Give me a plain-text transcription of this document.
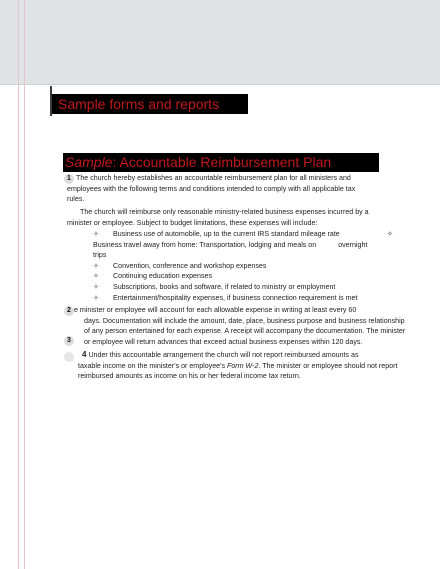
Sample forms and reports
Sample: Accountable Reimbursement Plan
1 The church hereby establishes an accountable reimbursement plan for all ministers and
employees with the following terms and conditions intended to comply with all applicable tax
rules.
The church will reimburse only reasonable ministry-related business expenses incurred by a
minister or employee. Subject to budget limitations, these expenses will include:
✧ Business use of automobile, up to the current IRS standard mileage rate	✧
Business travel away from home: Transportation, lodging and meals on	overnight
trips
✧ Convention, conference and workshop expenses
✧ Continuing education expenses
✧ Subscriptions, books and software, if related to ministry or employment
✧ Entertainment/hospitality expenses, if business connection requirement is met
2 e minister or employee will account for each allowable expense in writing at least every 60
days. Documentation will include the amount, date, place, business purpose and business relationship
of any person entertained for each expense. A receipt will accompany the documentation. The minister
or employee will return advances that exceed actual business expenses within 120 days.
3
4 Under this accountable arrangement the church will not report reimbursed amounts as
taxable income on the minister's or employee's Form W-2. The minister or employee should not report
reimbursed amounts as income on his or her federal income tax return.
